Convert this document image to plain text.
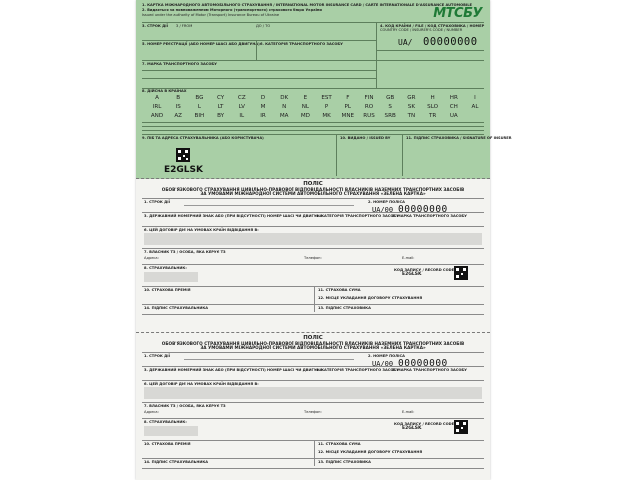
1. КАРТКА МІЖНАРОДНОГО АВТОМОБІЛЬНОГО СТРАХУВАННЯ / INTERNATIONAL MOTOR INSURANCE CARD / CARTE INTERNATIONALE D'ASSURANCE AUTOMOBILE
2. Видається за повноваженням Моторного (транспортного) страхового бюро України
Issued under the authority of Motor (Transport) Insurance Bureau of Ukraine	МТСБУ
3. СТРОК ДІЇ З / FROM	ДО / TO	4. КОД КРАЇНИ / FILE / КОД СТРАХОВИКА / НОМЕР
COUNTRY CODE / INSURER'S CODE / NUMBER
UA/ 00000000
5. НОМЕР РЕЄСТРАЦІЇ (АБО НОМЕР ШАСІ АБО ДВИГУНА) 6. КАТЕГОРІЯ ТРАНСПОРТНОГО ЗАСОБУ
7. МАРКА ТРАНСПОРТНОГО ЗАСОБУ
8. ДІЙСНА В КРАЇНАХ
A	B	BG	CY	CZ	D	DK	E	EST	F	FIN	GB	GR	H	HR	I
IRL	IS	L	LT	LV	M	N	NL	P	PL	RO	S	SK	SLO	CH	AL
AND	AZ	BIH	BY	IL	IR	MA	MD	MK	MNE	RUS	SRB	TN	TR	UA
9. ПІБ ТА АДРЕСА СТРАХУВАЛЬНИКА (АБО КОРИСТУВАЧА)	10. ВИДАНО / ISSUED BY	11. ПІДПИС СТРАХОВИКА / SIGNATURE OF INSURER
E2GLSK
ПОЛІС
ОБОВ'ЯЗКОВОГО СТРАХУВАННЯ ЦИВІЛЬНО-ПРАВОВОЇ ВІДПОВІДАЛЬНОСТІ ВЛАСНИКІВ НАЗЕМНИХ ТРАНСПОРТНИХ ЗАСОБІВ
ЗА УМОВАМИ МІЖНАРОДНОЇ СИСТЕМИ АВТОМОБІЛЬНОГО СТРАХУВАННЯ «ЗЕЛЕНА КАРТКА»
1. СТРОК ДІЇ	2. НОМЕР ПОЛІСА
UA/00 00000000
3. ДЕРЖАВНИЙ НОМЕРНИЙ ЗНАК АБО (ПРИ ВІДСУТНОСТІ) НОМЕР ШАСІ ЧИ ДВИГУНА
4. КАТЕГОРІЯ ТРАНСПОРТНОГО ЗАСОБУ
5. МАРКА ТРАНСПОРТНОГО ЗАСОБУ
6. ЦЕЙ ДОГОВІР ДІЄ НА УМОВАХ КРАЇН ВІДВІДАННЯ В:
7. ВЛАСНИК ТЗ / ОСОБА, ЯКА КЕРУЄ ТЗ
Адреса:	Телефон:	E-mail:
8. СТРАХУВАЛЬНИК:	КОД ЗАПИСУ / RECORD CODE
E2GLSK
10. СТРАХОВА ПРЕМІЯ	11. СТРАХОВА СУМА
12. МІСЦЕ УКЛАДАННЯ ДОГОВОРУ СТРАХУВАННЯ
14. ПІДПИС СТРАХУВАЛЬНИКА	13. ПІДПИС СТРАХОВИКА
ПОЛІС
ОБОВ'ЯЗКОВОГО СТРАХУВАННЯ ЦИВІЛЬНО-ПРАВОВОЇ ВІДПОВІДАЛЬНОСТІ ВЛАСНИКІВ НАЗЕМНИХ ТРАНСПОРТНИХ ЗАСОБІВ
ЗА УМОВАМИ МІЖНАРОДНОЇ СИСТЕМИ АВТОМОБІЛЬНОГО СТРАХУВАННЯ «ЗЕЛЕНА КАРТКА»
1. СТРОК ДІЇ	2. НОМЕР ПОЛІСА
UA/00 00000000
3. ДЕРЖАВНИЙ НОМЕРНИЙ ЗНАК АБО (ПРИ ВІДСУТНОСТІ) НОМЕР ШАСІ ЧИ ДВИГУНА
4. КАТЕГОРІЯ ТРАНСПОРТНОГО ЗАСОБУ
5. МАРКА ТРАНСПОРТНОГО ЗАСОБУ
6. ЦЕЙ ДОГОВІР ДІЄ НА УМОВАХ КРАЇН ВІДВІДАННЯ В:
7. ВЛАСНИК ТЗ / ОСОБА, ЯКА КЕРУЄ ТЗ
Адреса:	Телефон:	E-mail:
8. СТРАХУВАЛЬНИК:	КОД ЗАПИСУ / RECORD CODE
E2GLSK
10. СТРАХОВА ПРЕМІЯ	11. СТРАХОВА СУМА
12. МІСЦЕ УКЛАДАННЯ ДОГОВОРУ СТРАХУВАННЯ
14. ПІДПИС СТРАХУВАЛЬНИКА	13. ПІДПИС СТРАХОВИКА
